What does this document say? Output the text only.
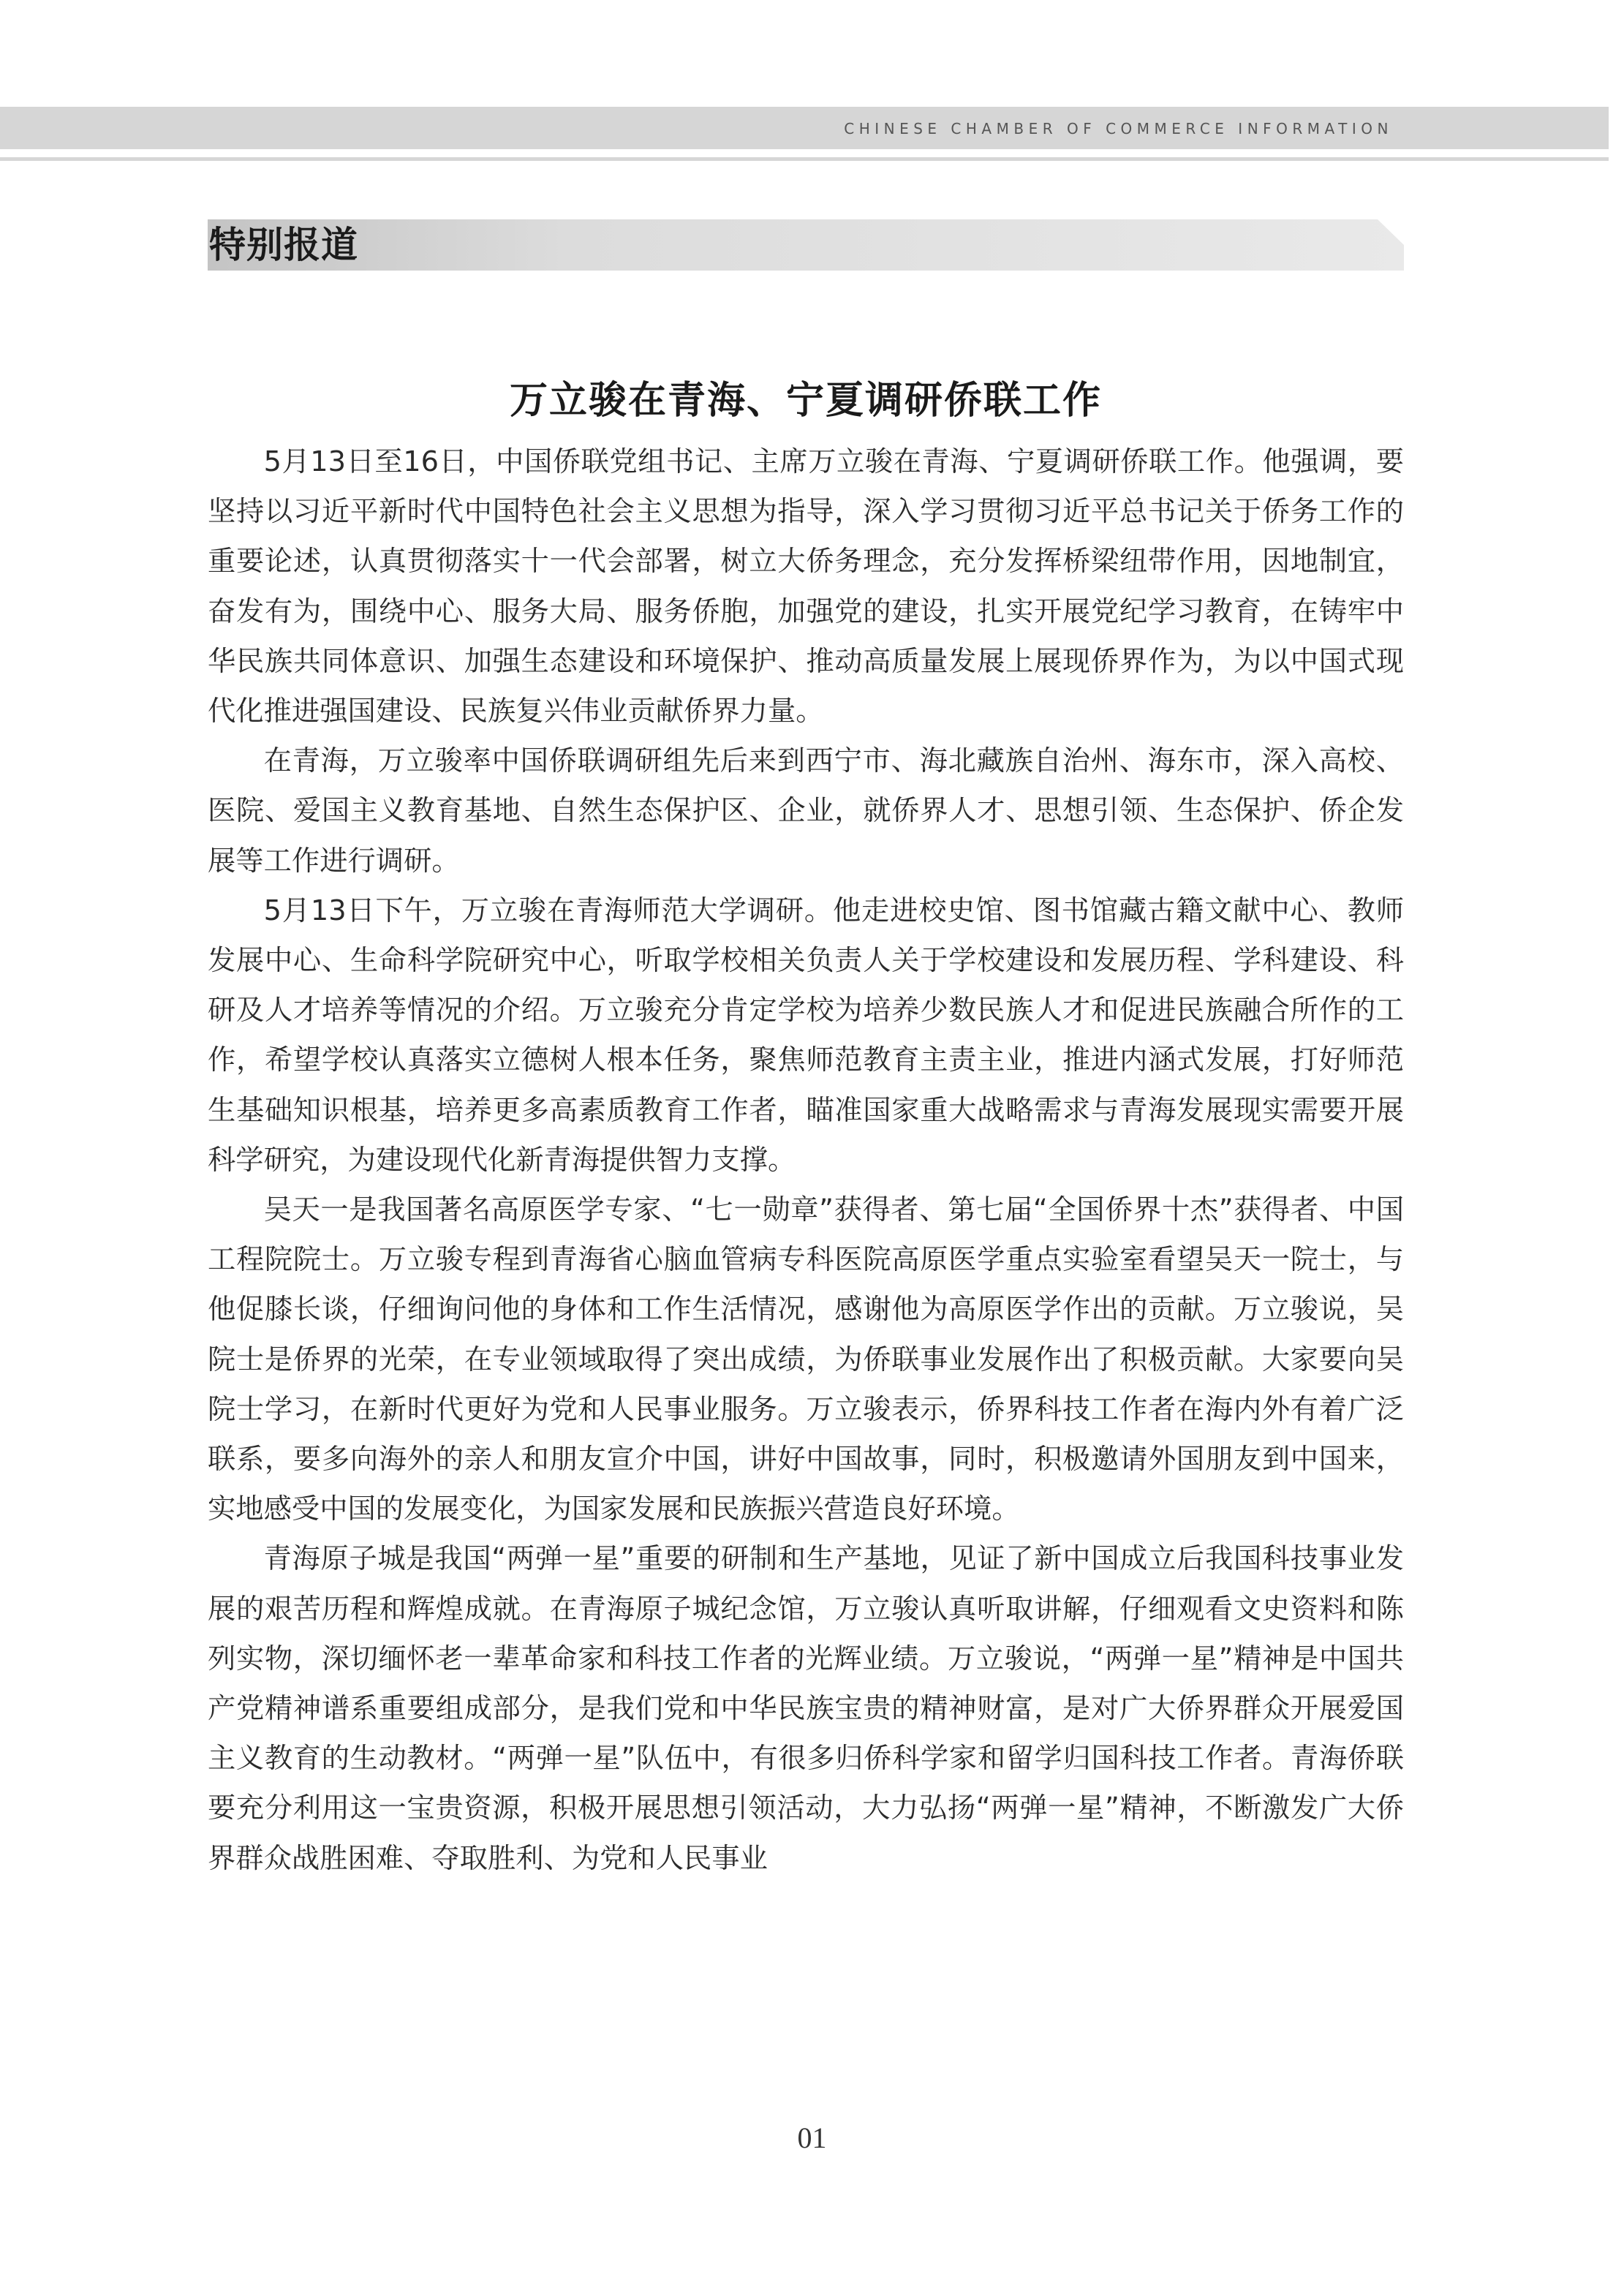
CHINESE CHAMBER OF COMMERCE INFORMATION
特别报道
万立骏在青海、宁夏调研侨联工作

5月13日至16日，中国侨联党组书记、主席万立骏在青海、宁夏调研侨联工作。他强调，要坚持以习近平新时代中国特色社会主义思想为指导，深入学习贯彻习近平总书记关于侨务工作的重要论述，认真贯彻落实十一代会部署，树立大侨务理念，充分发挥桥梁纽带作用，因地制宜，奋发有为，围绕中心、服务大局、服务侨胞，加强党的建设，扎实开展党纪学习教育，在铸牢中华民族共同体意识、加强生态建设和环境保护、推动高质量发展上展现侨界作为，为以中国式现代化推进强国建设、民族复兴伟业贡献侨界力量。

在青海，万立骏率中国侨联调研组先后来到西宁市、海北藏族自治州、海东市，深入高校、医院、爱国主义教育基地、自然生态保护区、企业，就侨界人才、思想引领、生态保护、侨企发展等工作进行调研。

5月13日下午，万立骏在青海师范大学调研。他走进校史馆、图书馆藏古籍文献中心、教师发展中心、生命科学院研究中心，听取学校相关负责人关于学校建设和发展历程、学科建设、科研及人才培养等情况的介绍。万立骏充分肯定学校为培养少数民族人才和促进民族融合所作的工作，希望学校认真落实立德树人根本任务，聚焦师范教育主责主业，推进内涵式发展，打好师范生基础知识根基，培养更多高素质教育工作者，瞄准国家重大战略需求与青海发展现实需要开展科学研究，为建设现代化新青海提供智力支撑。

吴天一是我国著名高原医学专家、“七一勋章”获得者、第七届“全国侨界十杰”获得者、中国工程院院士。万立骏专程到青海省心脑血管病专科医院高原医学重点实验室看望吴天一院士，与他促膝长谈，仔细询问他的身体和工作生活情况，感谢他为高原医学作出的贡献。万立骏说，吴院士是侨界的光荣，在专业领域取得了突出成绩，为侨联事业发展作出了积极贡献。大家要向吴院士学习，在新时代更好为党和人民事业服务。万立骏表示，侨界科技工作者在海内外有着广泛联系，要多向海外的亲人和朋友宣介中国，讲好中国故事，同时，积极邀请外国朋友到中国来，实地感受中国的发展变化，为国家发展和民族振兴营造良好环境。

青海原子城是我国“两弹一星”重要的研制和生产基地，见证了新中国成立后我国科技事业发展的艰苦历程和辉煌成就。在青海原子城纪念馆，万立骏认真听取讲解，仔细观看文史资料和陈列实物，深切缅怀老一辈革命家和科技工作者的光辉业绩。万立骏说，“两弹一星”精神是中国共产党精神谱系重要组成部分，是我们党和中华民族宝贵的精神财富，是对广大侨界群众开展爱国主义教育的生动教材。“两弹一星”队伍中，有很多归侨科学家和留学归国科技工作者。青海侨联要充分利用这一宝贵资源，积极开展思想引领活动，大力弘扬“两弹一星”精神，不断激发广大侨界群众战胜困难、夺取胜利、为党和人民事业

01
